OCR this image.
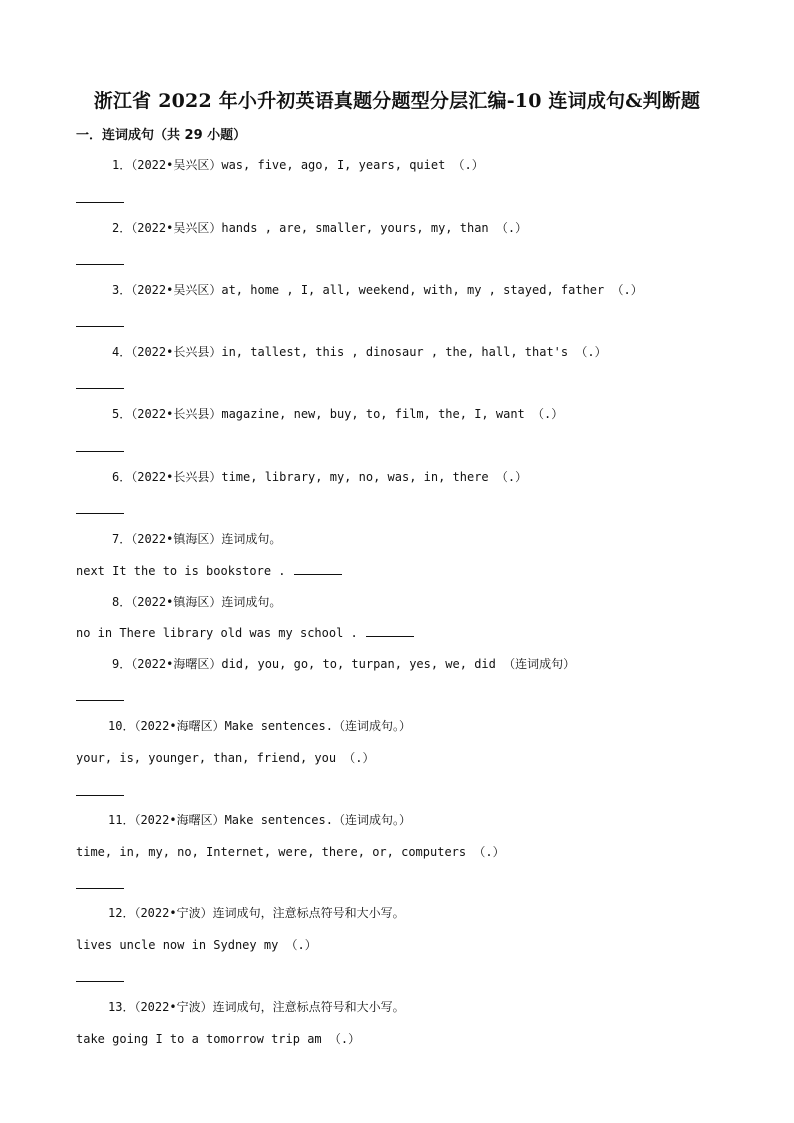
浙江省 2022 年小升初英语真题分题型分层汇编-10 连词成句&判断题
一．连词成句（共 29 小题）
1．（2022•吴兴区）was, five, ago, I, years, quiet （.）
2．（2022•吴兴区）hands , are, smaller, yours, my, than （.）
3．（2022•吴兴区）at, home , I, all, weekend, with, my , stayed, father （.）
4．（2022•长兴县）in, tallest, this , dinosaur , the, hall, that's （.）
5．（2022•长兴县）magazine, new, buy, to, film, the, I, want （.）
6．（2022•长兴县）time, library, my, no, was, in, there （.）
7．（2022•镇海区）连词成句。
next It the to is bookstore .
8．（2022•镇海区）连词成句。
no in There library old was my school .
9．（2022•海曙区）did, you, go, to, turpan, yes, we, did （连词成句）
10．（2022•海曙区）Make sentences.（连词成句。）
your, is, younger, than, friend, you （.）
11．（2022•海曙区）Make sentences.（连词成句。）
time, in, my, no, Internet, were, there, or, computers （.）
12．（2022•宁波）连词成句，注意标点符号和大小写。
lives uncle now in Sydney my （.）
13．（2022•宁波）连词成句，注意标点符号和大小写。
take going I to a tomorrow trip am （.）
